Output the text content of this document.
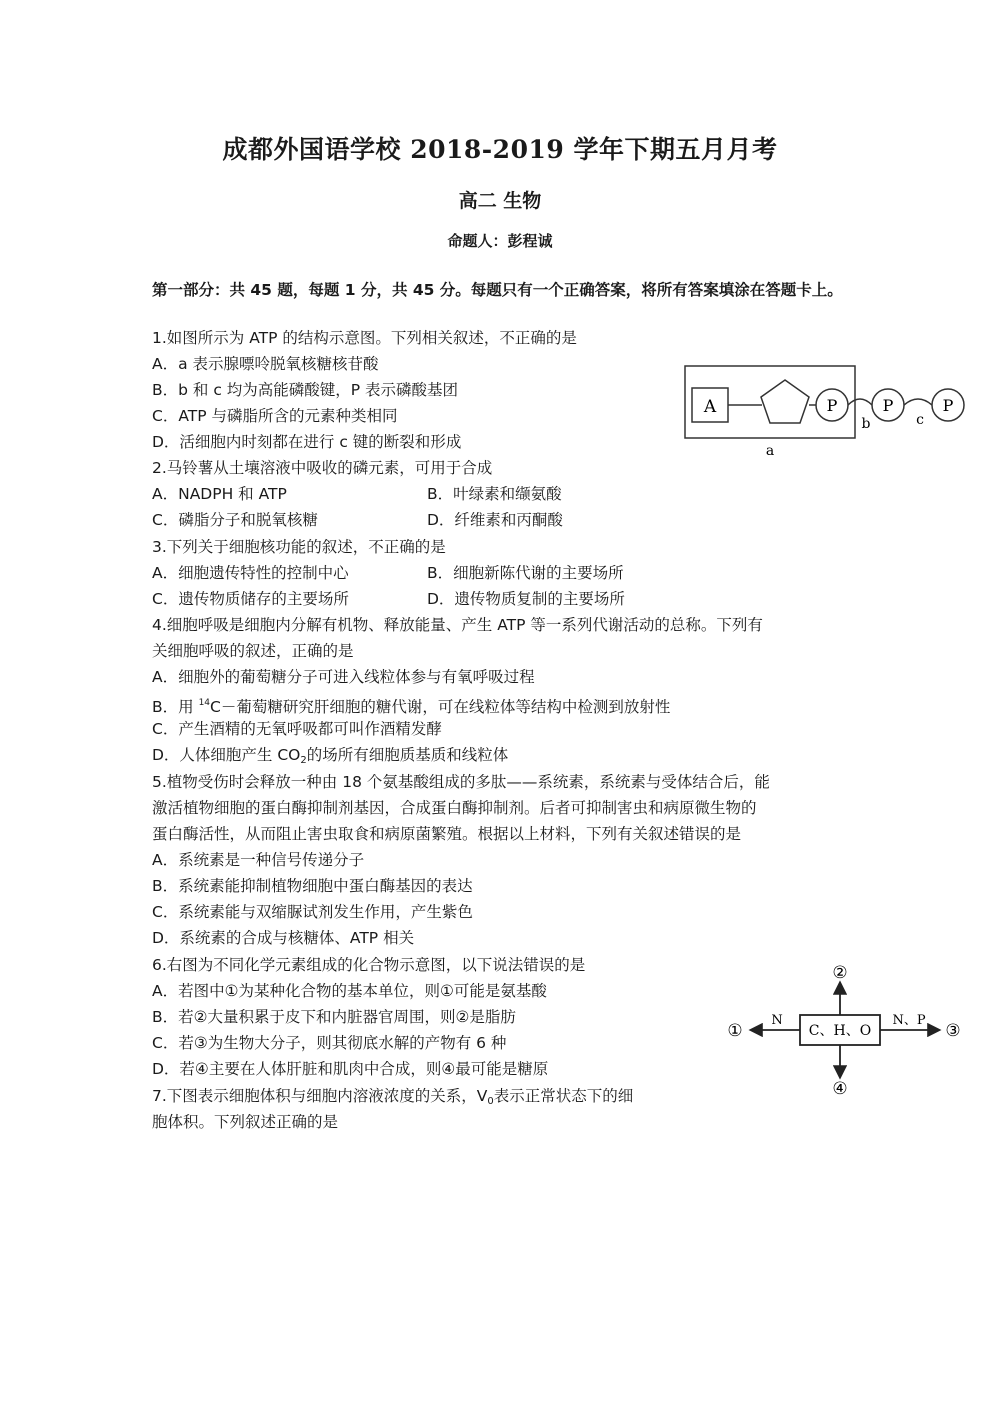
成都外国语学校 2018-2019 学年下期五月月考
高二 生物
命题人：彭程诚
第一部分：共 45 题，每题 1 分，共 45 分。每题只有一个正确答案，将所有答案填涂在答题卡上。
1.如图所示为 ATP 的结构示意图。下列相关叙述，不正确的是
A．a 表示腺嘌呤脱氧核糖核苷酸
B．b 和 c 均为高能磷酸键，P 表示磷酸基团
C．ATP 与磷脂所含的元素种类相同
D．活细胞内时刻都在进行 c 键的断裂和形成
A	P	P	P
b	c
a
2.马铃薯从土壤溶液中吸收的磷元素，可用于合成
A．NADPH 和 ATP	B．叶绿素和缬氨酸
C．磷脂分子和脱氧核糖	D．纤维素和丙酮酸
3.下列关于细胞核功能的叙述，不正确的是
A．细胞遗传特性的控制中心	B．细胞新陈代谢的主要场所
C．遗传物质储存的主要场所	D．遗传物质复制的主要场所
4.细胞呼吸是细胞内分解有机物、释放能量、产生 ATP 等一系列代谢活动的总称。下列有
关细胞呼吸的叙述，正确的是
A．细胞外的葡萄糖分子可进入线粒体参与有氧呼吸过程
B．用 $^{14}$C－葡萄糖研究肝细胞的糖代谢，可在线粒体等结构中检测到放射性
C．产生酒精的无氧呼吸都可叫作酒精发酵
D．人体细胞产生 $CO_2$的场所有细胞质基质和线粒体
5.植物受伤时会释放一种由 18 个氨基酸组成的多肽——系统素，系统素与受体结合后，能
激活植物细胞的蛋白酶抑制剂基因，合成蛋白酶抑制剂。后者可抑制害虫和病原微生物的
蛋白酶活性，从而阻止害虫取食和病原菌繁殖。根据以上材料，下列有关叙述错误的是
A．系统素是一种信号传递分子
B．系统素能抑制植物细胞中蛋白酶基因的表达
C．系统素能与双缩脲试剂发生作用，产生紫色
D．系统素的合成与核糖体、ATP 相关
6.右图为不同化学元素组成的化合物示意图，以下说法错误的是
A．若图中①为某种化合物的基本单位，则①可能是氨基酸
B．若②大量积累于皮下和内脏器官周围，则②是脂肪
C．若③为生物大分子，则其彻底水解的产物有 6 种
D．若④主要在人体肝脏和肌肉中合成，则④最可能是糖原
C、H、O
N	N、P
②
④
①	③
7.下图表示细胞体积与细胞内溶液浓度的关系，$V_0$表示正常状态下的细
胞体积。下列叙述正确的是
